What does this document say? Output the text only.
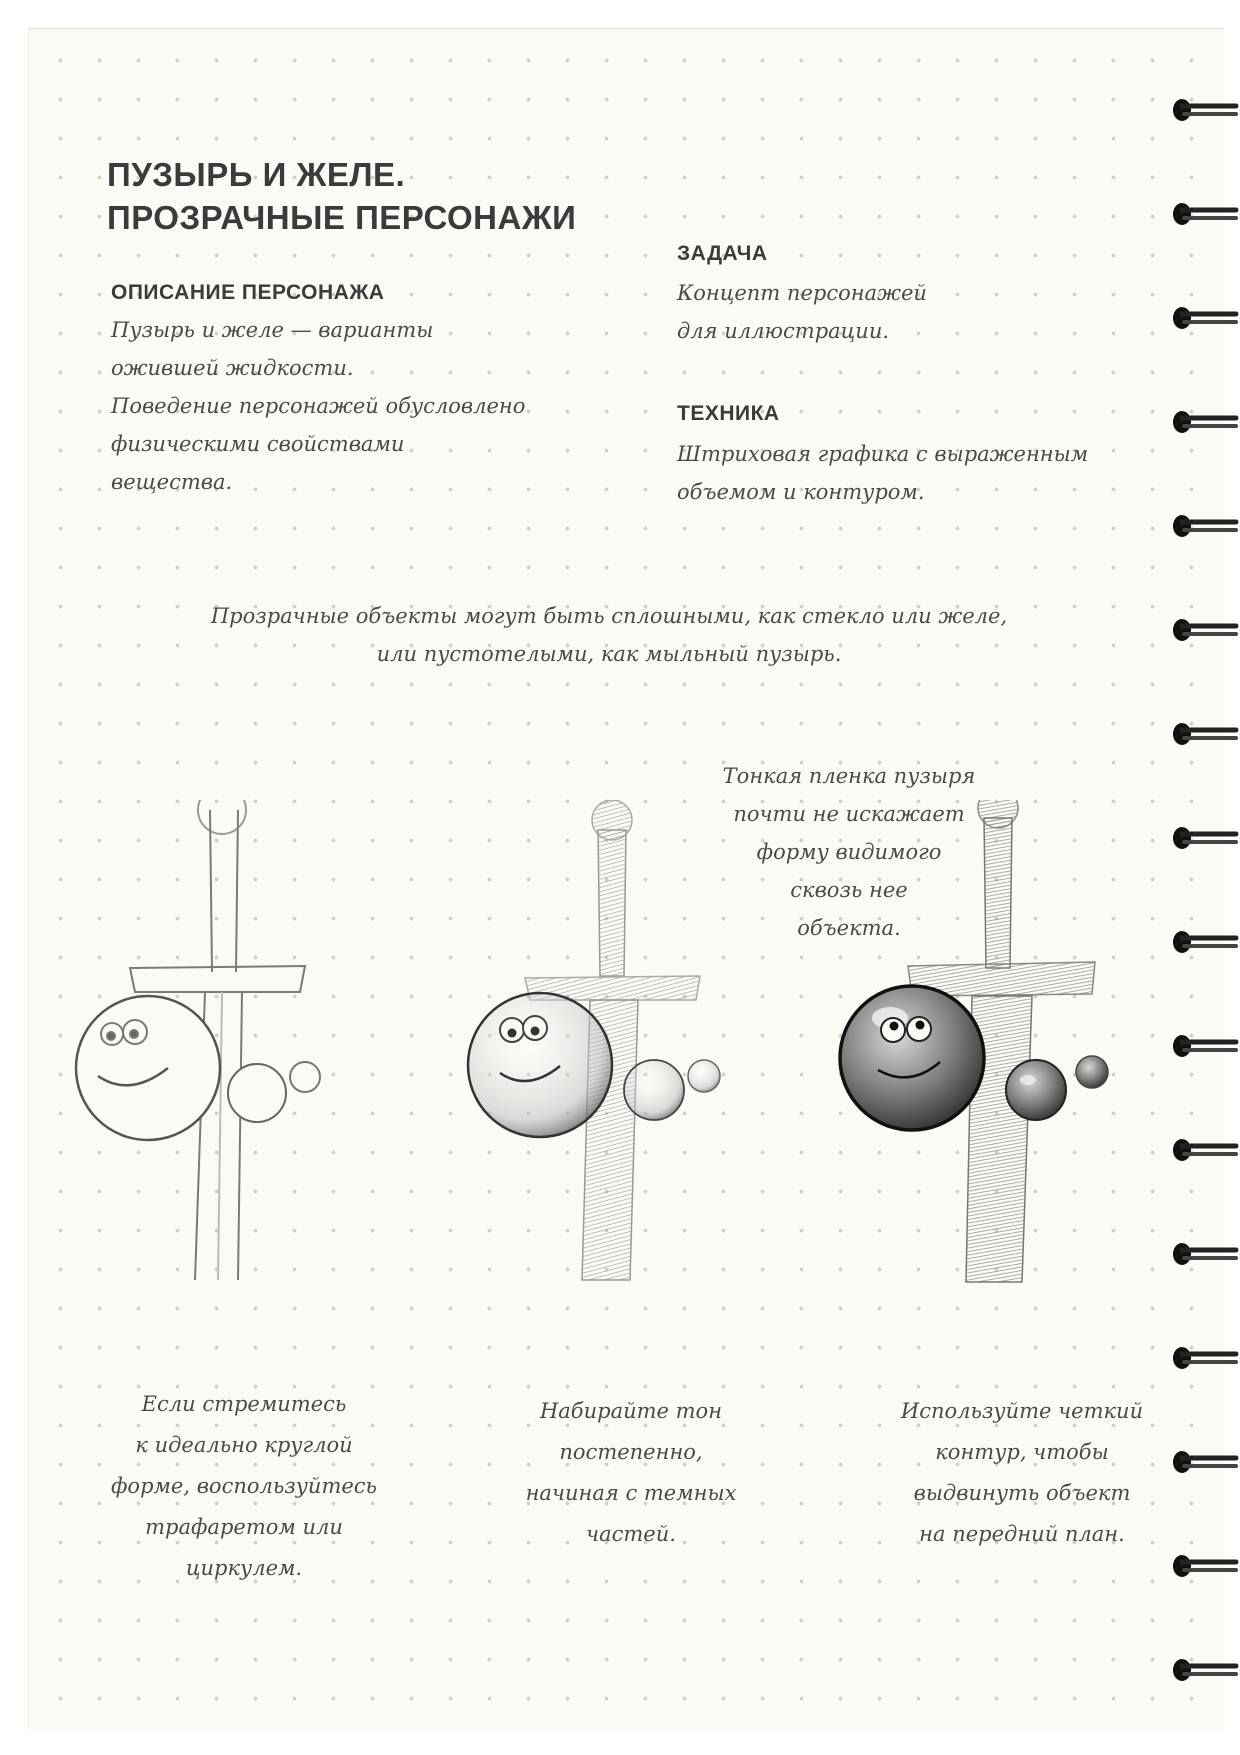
ПУЗЫРЬ И ЖЕЛЕ.
ПРОЗРАЧНЫЕ ПЕРСОНАЖИ
ОПИСАНИЕ ПЕРСОНАЖА

Пузырь и желе — варианты
ожившей жидкости.
Поведение персонажей обусловлено
физическими свойствами
вещества.

ЗАДАЧА

Концепт персонажей
для иллюстрации.

ТЕХНИКА

Штриховая графика с выраженным
объемом и контуром.

Прозрачные объекты могут быть сплошными, как стекло или желе,
или пустотелыми, как мыльный пузырь.

Тонкая пленка пузыря
почти не искажает
форму видимого
сквозь нее
объекта.

Если стремитесь
к идеально круглой
форме, воспользуйтесь
трафаретом или
циркулем.

Набирайте тон
постепенно,
начиная с темных
частей.

Используйте четкий
контур, чтобы
выдвинуть объект
на передний план.
